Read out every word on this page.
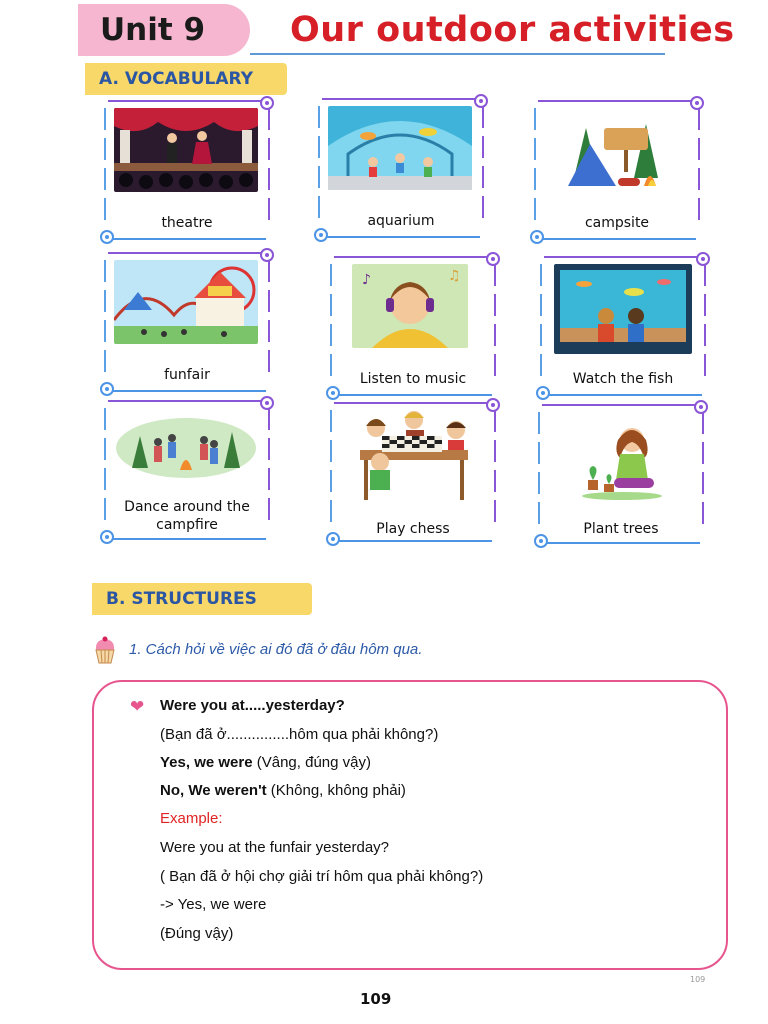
Unit 9 Our outdoor activities
A. VOCABULARY
theatre	aquarium	campsite
funfair
♪	♫
Listen to music	Watch the fish
Dance around the campfire	Play chess	Plant trees
B. STRUCTURES
1. Cách hỏi về việc ai đó đã ở đâu hôm qua.
❤ Were you at.....yesterday?
(Bạn đã ở...............hôm qua phải không?)
Yes, we were (Vâng, đúng vậy)
No, We weren't (Không, không phải)
Example:
Were you at the funfair yesterday?
( Bạn đã ở hội chợ giải trí hôm qua phải không?)
-> Yes, we were
(Đúng vậy)
109
109
